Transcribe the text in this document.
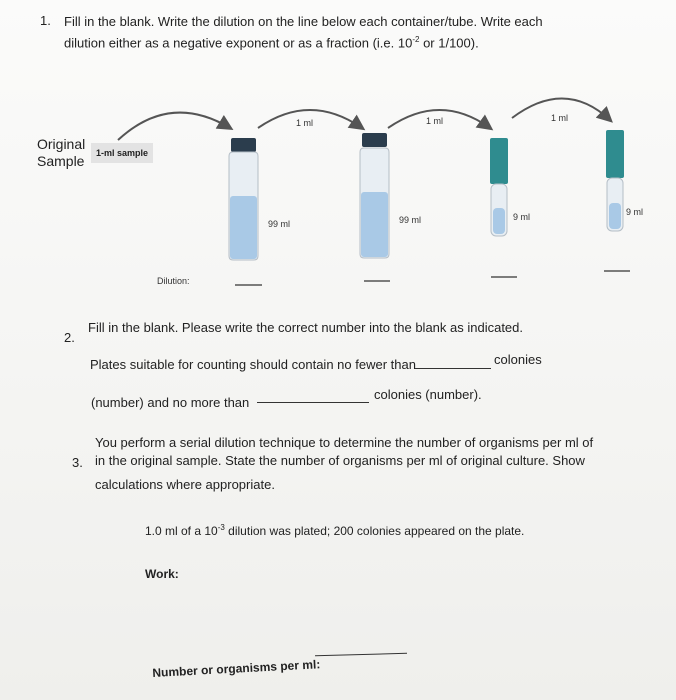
1. Fill in the blank. Write the dilution on the line below each container/tube. Write each
dilution either as a negative exponent or as a fraction (i.e. $10^{-2}$ or 1/100).
Original
Sample	1-ml sample
1 ml	1 ml	1 ml
99 ml	99 ml	9 ml	9 ml
Dilution:
2.
Fill in the blank. Please write the correct number into the blank as indicated.
Plates suitable for counting should contain no fewer than	colonies
(number) and no more than
colonies (number).
3.
You perform a serial dilution technique to determine the number of organisms per ml of
in the original sample. State the number of organisms per ml of original culture. Show
calculations where appropriate.
1.0 ml of a $10^{-3}$ dilution was plated; 200 colonies appeared on the plate.
Work:
Number or organisms per ml:
